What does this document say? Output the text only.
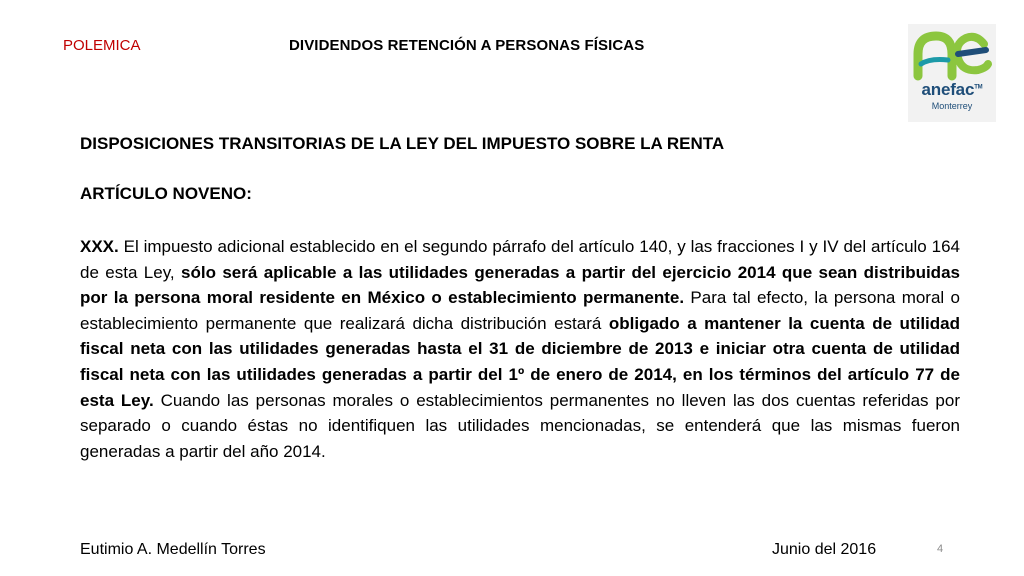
POLEMICA	DIVIDENDOS RETENCIÓN A PERSONAS FÍSICAS
anefac™
Monterrey
DISPOSICIONES TRANSITORIAS DE LA LEY DEL IMPUESTO SOBRE LA RENTA
ARTÍCULO NOVENO:
XXX. El impuesto adicional establecido en el segundo párrafo del artículo 140, y las fracciones I y IV del artículo 164 de esta Ley, sólo será aplicable a las utilidades generadas a partir del ejercicio 2014 que sean distribuidas por la persona moral residente en México o establecimiento permanente. Para tal efecto, la persona moral o establecimiento permanente que realizará dicha distribución estará obligado a mantener la cuenta de utilidad fiscal neta con las utilidades generadas hasta el 31 de diciembre de 2013 e iniciar otra cuenta de utilidad fiscal neta con las utilidades generadas a partir del 1º de enero de 2014, en los términos del artículo 77 de esta Ley. Cuando las personas morales o establecimientos permanentes no lleven las dos cuentas referidas por separado o cuando éstas no identifiquen las utilidades mencionadas, se entenderá que las mismas fueron generadas a partir del año 2014.
Eutimio A. Medellín Torres	Junio del 2016	4
